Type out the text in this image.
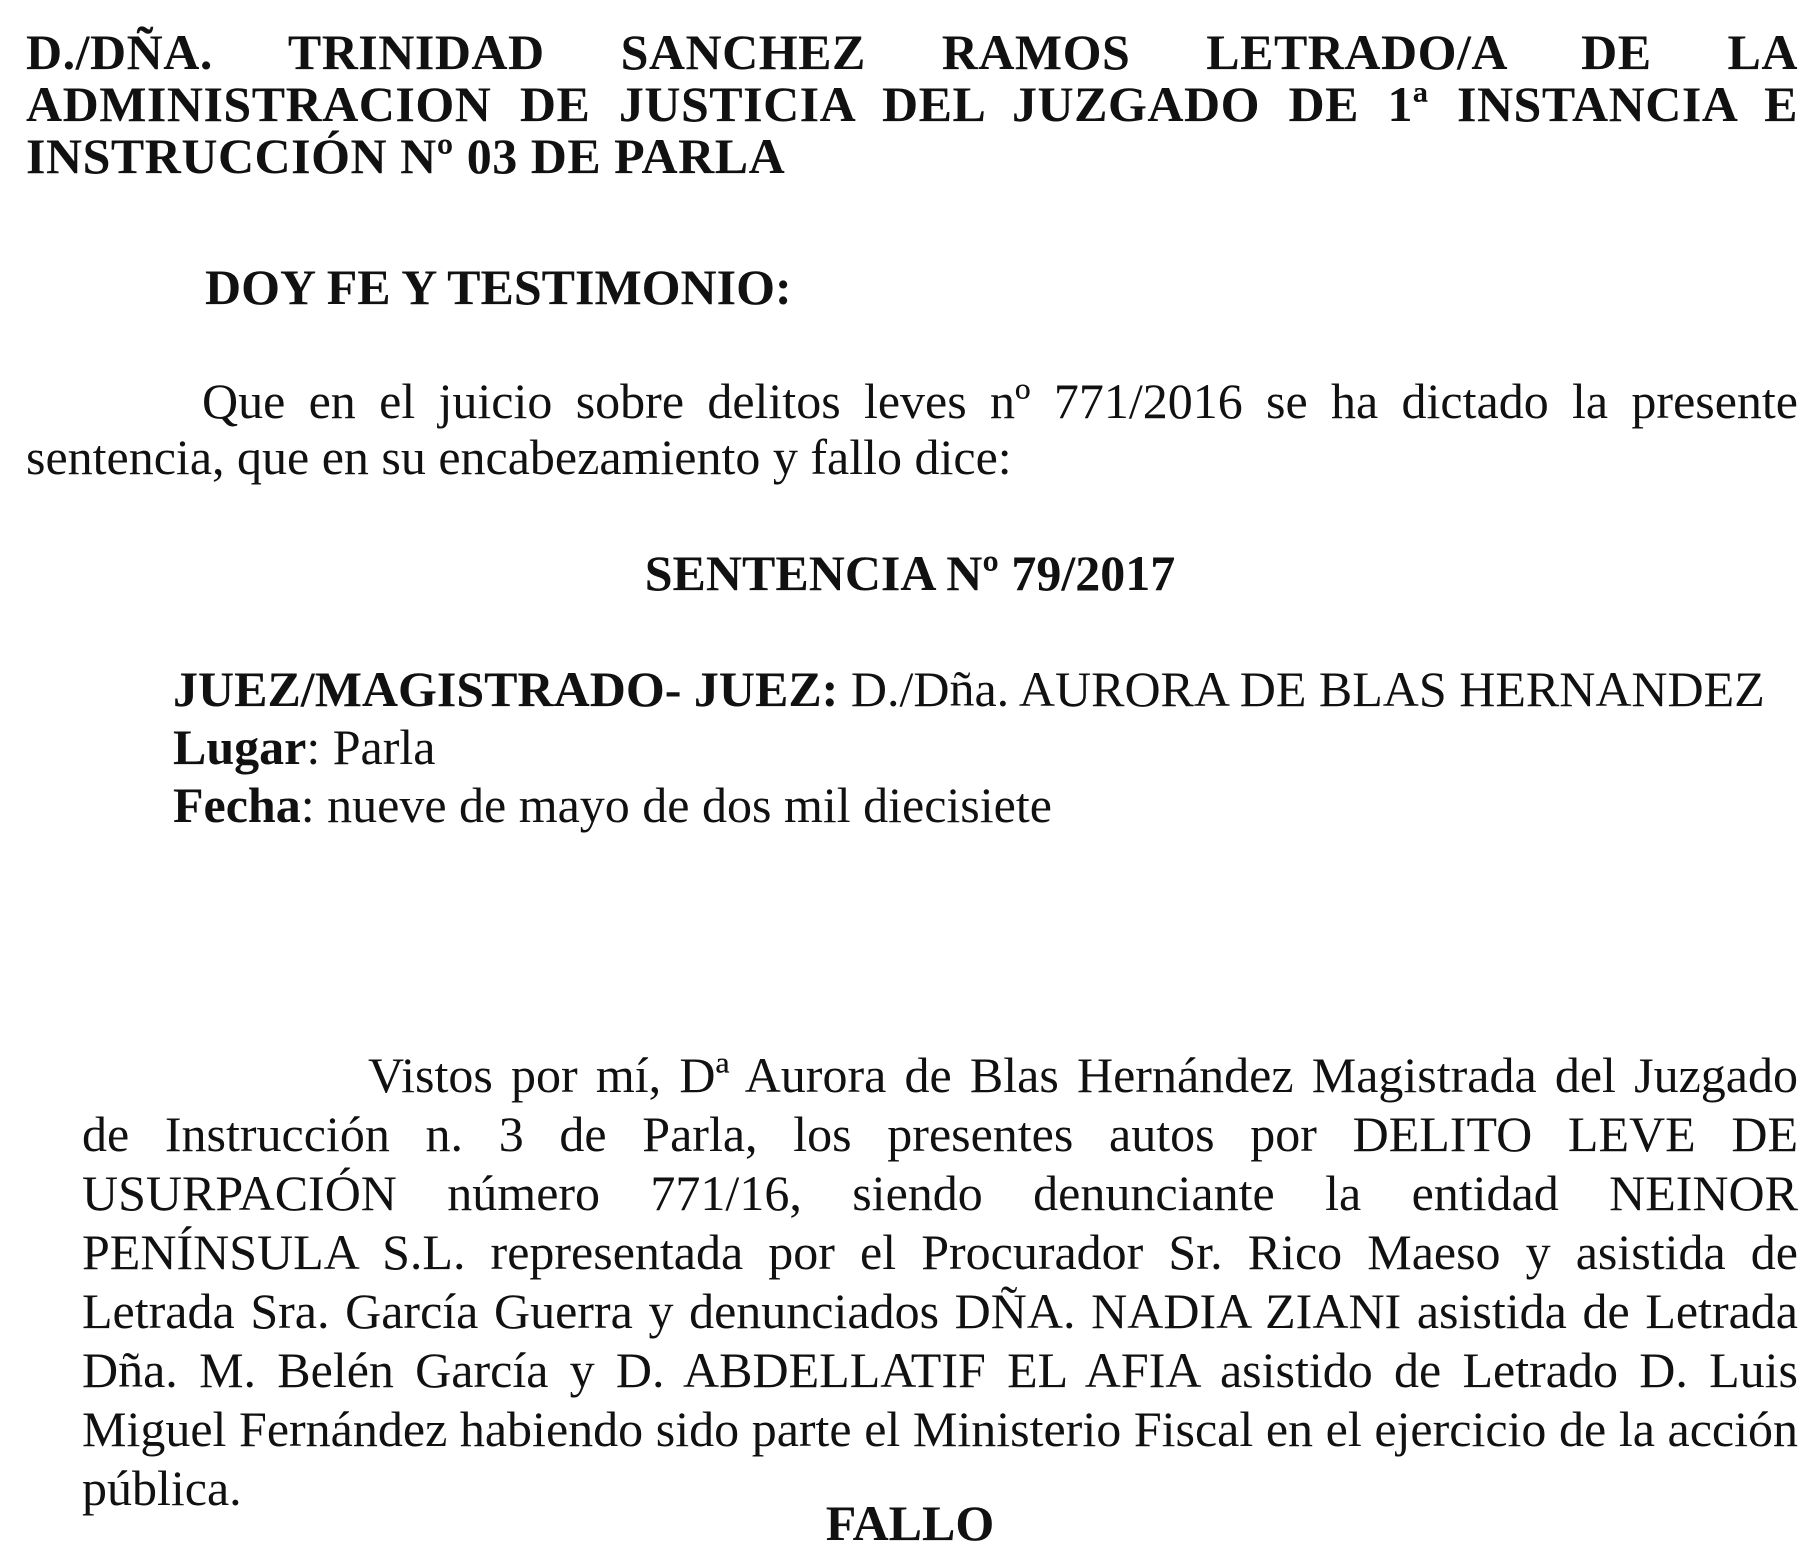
D./DÑA. TRINIDAD SANCHEZ RAMOS LETRADO/A DE LA ADMINISTRACION DE JUSTICIA DEL JUZGADO DE 1ª INSTANCIA E INSTRUCCIÓN Nº 03 DE PARLA
DOY FE Y TESTIMONIO:
Que en el juicio sobre delitos leves nº 771/2016 se ha dictado la presente sentencia, que en su encabezamiento y fallo dice:
SENTENCIA Nº 79/2017
JUEZ/MAGISTRADO- JUEZ: D./Dña. AURORA DE BLAS HERNANDEZ
Lugar: Parla
Fecha: nueve de mayo de dos mil diecisiete
Vistos por mí, Dª Aurora de Blas Hernández Magistrada del Juzgado de Instrucción n. 3 de Parla, los presentes autos por DELITO LEVE DE USURPACIÓN número 771/16, siendo denunciante la entidad NEINOR PENÍNSULA S.L. representada por el Procurador Sr. Rico Maeso y asistida de Letrada Sra. García Guerra y denunciados DÑA. NADIA ZIANI asistida de Letrada Dña. M. Belén García y D. ABDELLATIF EL AFIA asistido de Letrado D. Luis Miguel Fernández habiendo sido parte el Ministerio Fiscal en el ejercicio de la acción pública.
FALLO
